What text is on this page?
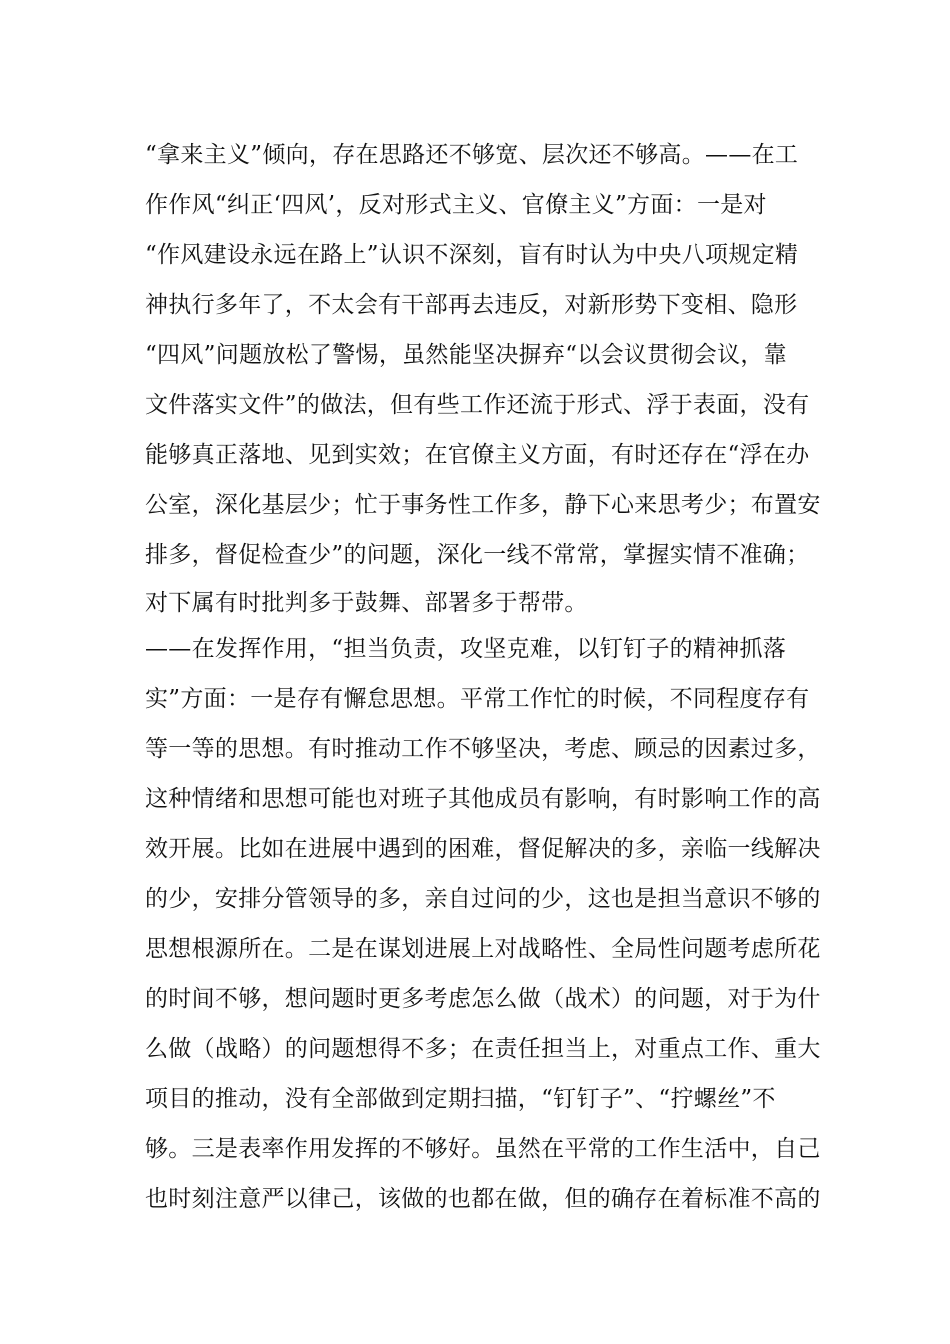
“拿来主义”倾向，存在思路还不够宽、层次还不够高。——在工
作作风“纠正‘四风’，反对形式主义、官僚主义”方面：一是对
“作风建设永远在路上”认识不深刻，盲有时认为中央八项规定精
神执行多年了，不太会有干部再去违反，对新形势下变相、隐形
“四风”问题放松了警惕，虽然能坚决摒弃“以会议贯彻会议，靠
文件落实文件”的做法，但有些工作还流于形式、浮于表面，没有
能够真正落地、见到实效；在官僚主义方面，有时还存在“浮在办
公室，深化基层少；忙于事务性工作多，静下心来思考少；布置安
排多，督促检查少”的问题，深化一线不常常，掌握实情不准确；
对下属有时批判多于鼓舞、部署多于帮带。
——在发挥作用，“担当负责，攻坚克难，以钉钉子的精神抓落
实”方面：一是存有懈怠思想。平常工作忙的时候，不同程度存有
等一等的思想。有时推动工作不够坚决，考虑、顾忌的因素过多，
这种情绪和思想可能也对班子其他成员有影响，有时影响工作的高
效开展。比如在进展中遇到的困难，督促解决的多，亲临一线解决
的少，安排分管领导的多，亲自过问的少，这也是担当意识不够的
思想根源所在。二是在谋划进展上对战略性、全局性问题考虑所花
的时间不够，想问题时更多考虑怎么做（战术）的问题，对于为什
么做（战略）的问题想得不多；在责任担当上，对重点工作、重大
项目的推动，没有全部做到定期扫描，“钉钉子”、“拧螺丝”不
够。三是表率作用发挥的不够好。虽然在平常的工作生活中，自己
也时刻注意严以律己，该做的也都在做，但的确存在着标准不高的
